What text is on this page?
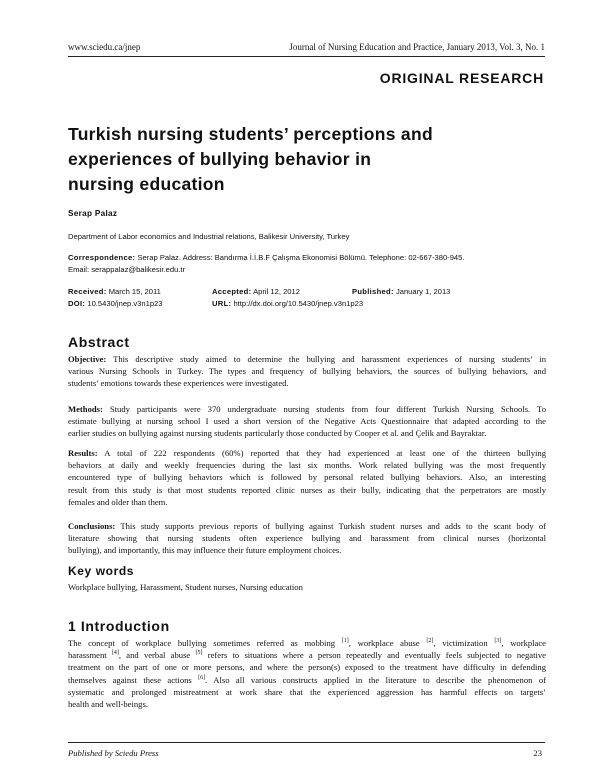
www.sciedu.ca/jnep	Journal of Nursing Education and Practice, January 2013, Vol. 3, No. 1
ORIGINAL RESEARCH
Turkish nursing students’ perceptions and
experiences of bullying behavior in
nursing education
Serap Palaz
Department of Labor economics and Industrial relations, Balikesir University, Turkey
Correspondence: Serap Palaz. Address: Bandırma İ.İ.B.F Çalışma Ekonomisi Bölümü. Telephone: 02-667-380-945.
Email: serappalaz@balikesir.edu.tr
Received: March 15, 2011	Accepted: April 12, 2012	Published: January 1, 2013
DOI: 10.5430/jnep.v3n1p23	URL: http://dx.doi.org/10.5430/jnep.v3n1p23
Abstract
Objective: This descriptive study aimed to determine the bullying and harassment experiences of nursing students’ in
various Nursing Schools in Turkey. The types and frequency of bullying behaviors, the sources of bullying behaviors, and
students’ emotions towards these experiences were investigated.
Methods: Study participants were 370 undergraduate nursing students from four different Turkish Nursing Schools. To
estimate bullying at nursing school I used a short version of the Negative Acts Questionnaire that adapted according to the
earlier studies on bullying against nursing students particularly those conducted by Cooper et al. and Çelik and Bayraktar.
Results: A total of 222 respondents (60%) reported that they had experienced at least one of the thirteen bullying
behaviors at daily and weekly frequencies during the last six months. Work related bullying was the most frequently
encountered type of bullying behaviors which is followed by personal related bullying behaviors. Also, an interesting
result from this study is that most students reported clinic nurses as their bully, indicating that the perpetrators are mostly
females and older than them.
Conclusions: This study supports previous reports of bullying against Turkish student nurses and adds to the scant body of
literature showing that nursing students often experience bullying and harassment from clinical nurses (horizontal
bullying), and importantly, this may influence their future employment choices.
Key words
Workplace bullying, Harassment, Student nurses, Nursing education
1 Introduction
The concept of workplace bullying sometimes referred as mobbing [1], workplace abuse [2], victimization [3], workplace
harassment [4], and verbal abuse [5] refers to situations where a person repeatedly and eventually feels subjected to negative
treatment on the part of one or more persons, and where the person(s) exposed to the treatment have difficulty in defending
themselves against these actions [6]. Also all various constructs applied in the literature to describe the phenomenon of
systematic and prolonged mistreatment at work share that the experienced aggression has harmful effects on targets’
health and well-beings.
Published by Sciedu Press	23
